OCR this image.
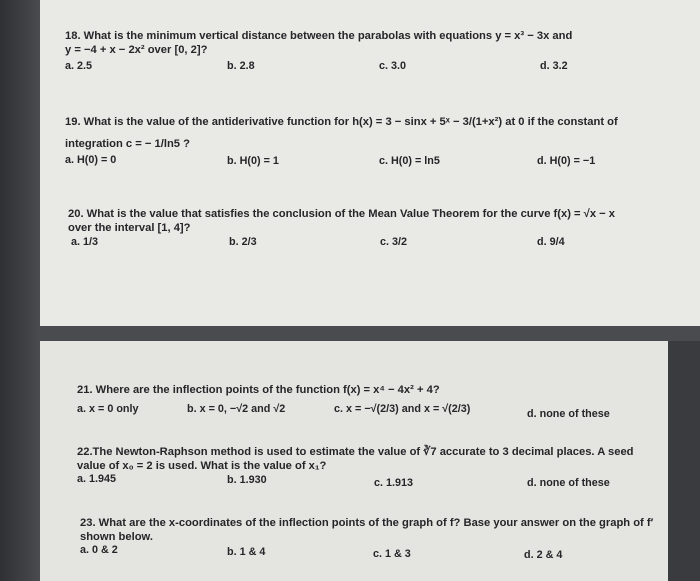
18. What is the minimum vertical distance between the parabolas with equations y = x³ − 3x and
y = −4 + x − 2x² over [0, 2]?
a. 2.5	b. 2.8	c. 3.0	d. 3.2
19. What is the value of the antiderivative function for h(x) = 3 − sinx + 5ˣ − 3/(1+x²) at 0 if the constant of
integration c = − 1/ln5 ?
a. H(0) = 0	b. H(0) = 1	c. H(0) = ln5	d. H(0) = −1
20. What is the value that satisfies the conclusion of the Mean Value Theorem for the curve f(x) = √x − x
over the interval [1, 4]?
a. 1/3	b. 2/3	c. 3/2	d. 9/4
21. Where are the inflection points of the function f(x) = x⁴ − 4x² + 4?
a. x = 0 only	b. x = 0, −√2 and √2	c. x = −√(2/3) and x = √(2/3)	d. none of these
22.The Newton-Raphson method is used to estimate the value of ∛7 accurate to 3 decimal places. A seed
value of x₀ = 2 is used. What is the value of x₁?
a. 1.945	b. 1.930	c. 1.913	d. none of these
23. What are the x-coordinates of the inflection points of the graph of f? Base your answer on the graph of f′
shown below.
a. 0 & 2	b. 1 & 4	c. 1 & 3	d. 2 & 4
